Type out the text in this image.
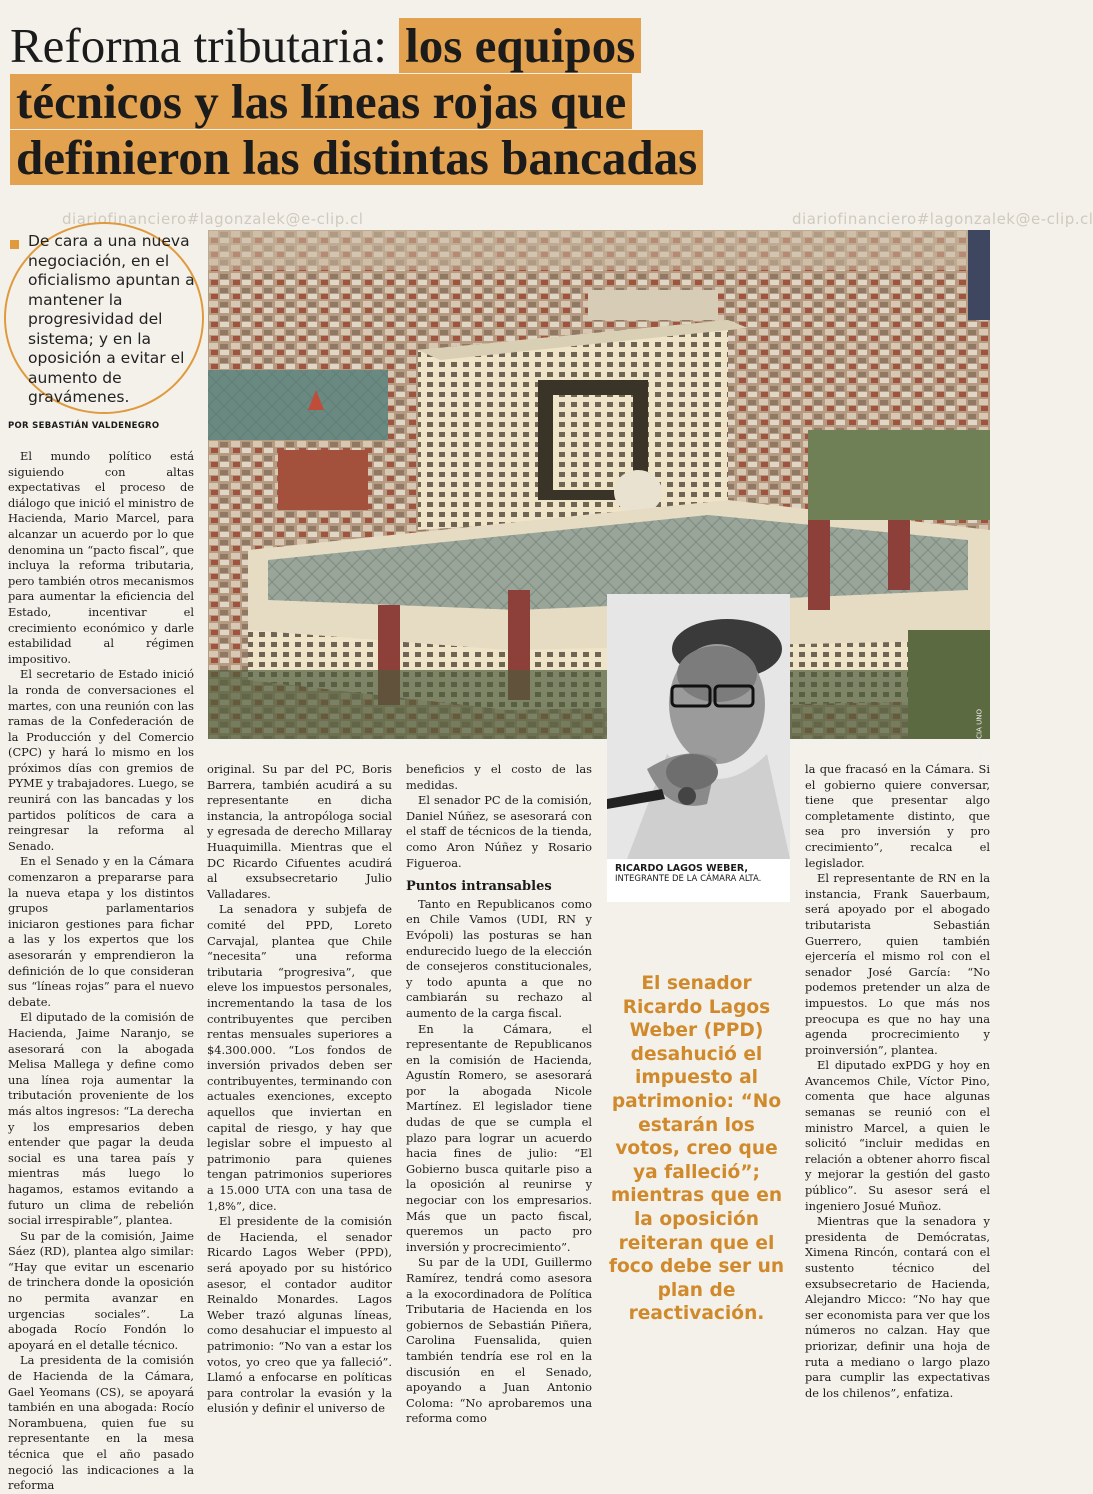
Reforma tributaria: los equipos
técnicos y las líneas rojas que
definieron las distintas bancadas
diariofinanciero#lagonzalek@e-clip.cl	diariofinanciero#lagonzalek@e-clip.cl
De cara a una nueva negociación, en el oficialismo apuntan a mantener la progresividad del sistema; y en la oposición a evitar el aumento de gravámenes.
POR SEBASTIÁN VALDENEGRO
AGENCIA UNO
RICARDO LAGOS WEBER,
INTEGRANTE DE LA CÁMARA ALTA.

El mundo político está siguiendo con altas expectativas el proceso de diálogo que inició el ministro de Hacienda, Mario Marcel, para alcanzar un acuerdo por lo que denomina un “pacto fiscal”, que incluya la reforma tributaria, pero también otros mecanismos para aumentar la eficiencia del Estado, incentivar el crecimiento económico y darle estabilidad al régimen impositivo.

El secretario de Estado inició la ronda de conversaciones el martes, con una reunión con las ramas de la Confederación de la Producción y del Comercio (CPC) y hará lo mismo en los próximos días con gremios de PYME y trabajadores. Luego, se reunirá con las bancadas y los partidos políticos de cara a reingresar la reforma al Senado.

En el Senado y en la Cámara comenzaron a prepararse para la nueva etapa y los distintos grupos parlamentarios iniciaron gestiones para fichar a las y los expertos que los asesorarán y emprendieron la definición de lo que consideran sus “líneas rojas” para el nuevo debate.

El diputado de la comisión de Hacienda, Jaime Naranjo, se asesorará con la abogada Melisa Mallega y define como una línea roja aumentar la tributación proveniente de los más altos ingresos: “La derecha y los empresarios deben entender que pagar la deuda social es una tarea país y mientras más luego lo hagamos, estamos evitando a futuro un clima de rebelión social irrespirable”, plantea.

Su par de la comisión, Jaime Sáez (RD), plantea algo similar: “Hay que evitar un escenario de trinchera donde la oposición no permita avanzar en urgencias sociales”. La abogada Rocío Fondón lo apoyará en el detalle técnico.

La presidenta de la comisión de Hacienda de la Cámara, Gael Yeomans (CS), se apoyará también en una abogada: Rocío Norambuena, quien fue su representante en la mesa técnica que el año pasado negoció las indicaciones a la reforma

original. Su par del PC, Boris Barrera, también acudirá a su representante en dicha instancia, la antropóloga social y egresada de derecho Millaray Huaquimilla. Mientras que el DC Ricardo Cifuentes acudirá al exsubsecretario Julio Valladares.

La senadora y subjefa de comité del PPD, Loreto Carvajal, plantea que Chile “necesita” una reforma tributaria “progresiva”, que eleve los impuestos personales, incrementando la tasa de los contribuyentes que perciben rentas mensuales superiores a $4.300.000. “Los fondos de inversión privados deben ser contribuyentes, terminando con actuales exenciones, excepto aquellos que inviertan en capital de riesgo, y hay que legislar sobre el impuesto al patrimonio para quienes tengan patrimonios superiores a 15.000 UTA con una tasa de 1,8%”, dice.

El presidente de la comisión de Hacienda, el senador Ricardo Lagos Weber (PPD), será apoyado por su histórico asesor, el contador auditor Reinaldo Monardes. Lagos Weber trazó algunas líneas, como desahuciar el impuesto al patrimonio: “No van a estar los votos, yo creo que ya falleció”. Llamó a enfocarse en políticas para controlar la evasión y la elusión y definir el universo de

beneficios y el costo de las medidas.

El senador PC de la comisión, Daniel Núñez, se asesorará con el staff de técnicos de la tienda, como Aron Núñez y Rosario Figueroa.

Puntos intransables

Tanto en Republicanos como en Chile Vamos (UDI, RN y Evópoli) las posturas se han endurecido luego de la elección de consejeros constitucionales, y todo apunta a que no cambiarán su rechazo al aumento de la carga fiscal.

En la Cámara, el representante de Republicanos en la comisión de Hacienda, Agustín Romero, se asesorará por la abogada Nicole Martínez. El legislador tiene dudas de que se cumpla el plazo para lograr un acuerdo hacia fines de julio: “El Gobierno busca quitarle piso a la oposición al reunirse y negociar con los empresarios. Más que un pacto fiscal, queremos un pacto pro inversión y procrecimiento”.

Su par de la UDI, Guillermo Ramírez, tendrá como asesora a la exocordinadora de Política Tributaria de Hacienda en los gobiernos de Sebastián Piñera, Carolina Fuensalida, quien también tendría ese rol en la discusión en el Senado, apoyando a Juan Antonio Coloma: “No aprobaremos una reforma como

El senador Ricardo Lagos Weber (PPD) desahució el impuesto al patrimonio: “No estarán los votos, creo que ya falleció”; mientras que en la oposición reiteran que el foco debe ser un plan de reactivación.

la que fracasó en la Cámara. Si el gobierno quiere conversar, tiene que presentar algo completamente distinto, que sea pro inversión y pro crecimiento”, recalca el legislador.

El representante de RN en la instancia, Frank Sauerbaum, será apoyado por el abogado tributarista Sebastián Guerrero, quien también ejercería el mismo rol con el senador José García: “No podemos pretender un alza de impuestos. Lo que más nos preocupa es que no hay una agenda procrecimiento y proinversión”, plantea.

El diputado exPDG y hoy en Avancemos Chile, Víctor Pino, comenta que hace algunas semanas se reunió con el ministro Marcel, a quien le solicitó “incluir medidas en relación a obtener ahorro fiscal y mejorar la gestión del gasto público”. Su asesor será el ingeniero Josué Muñoz.

Mientras que la senadora y presidenta de Demócratas, Ximena Rincón, contará con el sustento técnico del exsubsecretario de Hacienda, Alejandro Micco: “No hay que ser economista para ver que los números no calzan. Hay que priorizar, definir una hoja de ruta a mediano o largo plazo para cumplir las expectativas de los chilenos”, enfatiza.
